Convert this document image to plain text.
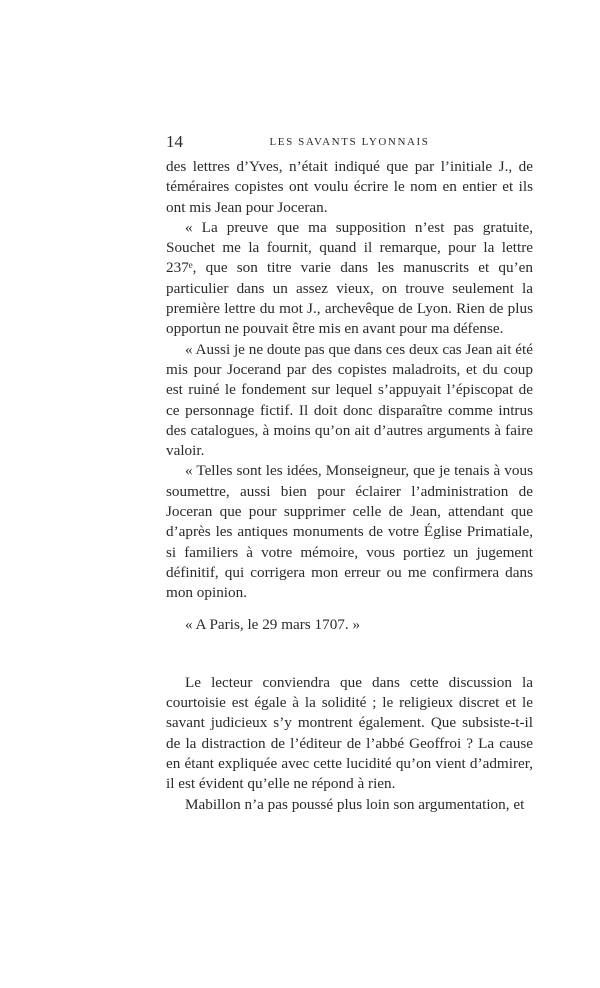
14	LES SAVANTS LYONNAIS

des lettres d’Yves, n’était indiqué que par l’initiale J., de téméraires copistes ont voulu écrire le nom en entier et ils ont mis Jean pour Joceran.

« La preuve que ma supposition n’est pas gratuite, Souchet me la fournit, quand il remarque, pour la lettre 237ᵉ, que son titre varie dans les manuscrits et qu’en particulier dans un assez vieux, on trouve seulement la première lettre du mot J., archevêque de Lyon. Rien de plus opportun ne pouvait être mis en avant pour ma défense.

« Aussi je ne doute pas que dans ces deux cas Jean ait été mis pour Jocerand par des copistes maladroits, et du coup est ruiné le fondement sur lequel s’appuyait l’épiscopat de ce personnage fictif. Il doit donc disparaître comme intrus des catalogues, à moins qu’on ait d’autres arguments à faire valoir.

« Telles sont les idées, Monseigneur, que je tenais à vous soumettre, aussi bien pour éclairer l’administration de Joceran que pour supprimer celle de Jean, attendant que d’après les antiques monuments de votre Église Primatiale, si familiers à votre mémoire, vous portiez un jugement définitif, qui corrigera mon erreur ou me confirmera dans mon opinion.

« A Paris, le 29 mars 1707. »

Le lecteur conviendra que dans cette discussion la courtoisie est égale à la solidité ; le religieux discret et le savant judicieux s’y montrent également. Que subsiste-t-il de la distraction de l’éditeur de l’abbé Geoffroi ? La cause en étant expliquée avec cette lucidité qu’on vient d’admirer, il est évident qu’elle ne répond à rien.

Mabillon n’a pas poussé plus loin son argumentation, et
